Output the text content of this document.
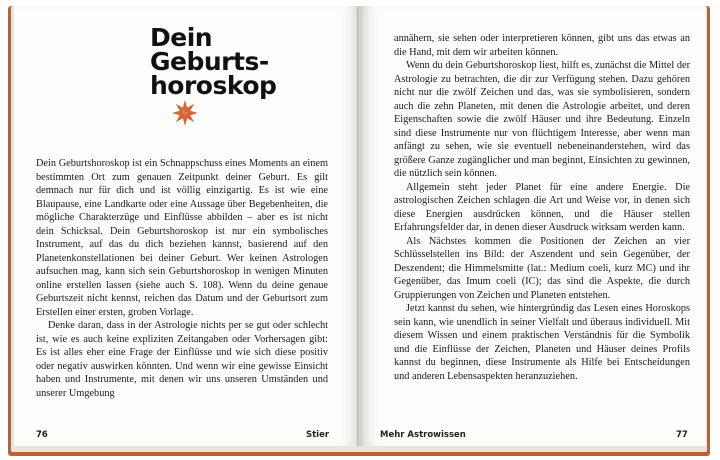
Dein
Geburts-
horoskop

Dein Geburtshoroskop ist ein Schnappschuss eines Moments an einem bestimmten Ort zum genauen Zeitpunkt deiner Geburt. Es gilt demnach nur für dich und ist völlig einzigartig. Es ist wie eine Blaupause, eine Landkarte oder eine Aussage über Begebenheiten, die mögliche Charakterzüge und Einflüsse abbilden – aber es ist nicht dein Schicksal. Dein Geburtshoroskop ist nur ein symbolisches Instrument, auf das du dich beziehen kannst, basierend auf den Planetenkonstellationen bei deiner Geburt. Wer keinen Astrologen aufsuchen mag, kann sich sein Geburtshoroskop in wenigen Minuten online erstellen lassen (siehe auch S. 108). Wenn du deine genaue Geburtszeit nicht kennst, reichen das Datum und der Geburtsort zum Erstellen einer ersten, groben Vorlage.

Denke daran, dass in der Astrologie nichts per se gut oder schlecht ist, wie es auch keine expliziten Zeitangaben oder Vorhersagen gibt: Es ist alles eher eine Frage der Einflüsse und wie sich diese positiv oder negativ auswirken könnten. Und wenn wir eine gewisse Einsicht haben und Instrumente, mit denen wir uns unseren Umständen und unserer Umgebung

76	Stier

annähern, sie sehen oder interpretieren können, gibt uns das etwas an die Hand, mit dem wir arbeiten können.

Wenn du dein Geburtshoroskop liest, hilft es, zunächst die Mittel der Astrologie zu betrachten, die dir zur Verfügung stehen. Dazu gehören nicht nur die zwölf Zeichen und das, was sie symbolisieren, sondern auch die zehn Planeten, mit denen die Astrologie arbeitet, und deren Eigenschaften sowie die zwölf Häuser und ihre Bedeutung. Einzeln sind diese Instrumente nur von flüchtigem Interesse, aber wenn man anfängt zu sehen, wie sie eventuell nebeneinanderstehen, wird das größere Ganze zugänglicher und man beginnt, Einsichten zu gewinnen, die nützlich sein können.

Allgemein steht jeder Planet für eine andere Energie. Die astrologischen Zeichen schlagen die Art und Weise vor, in denen sich diese Energien ausdrücken können, und die Häuser stellen Erfahrungsfelder dar, in denen dieser Ausdruck wirksam werden kann.

Als Nächstes kommen die Positionen der Zeichen an vier Schlüsselstellen ins Bild: der Aszendent und sein Gegenüber, der Deszendent; die Himmelsmitte (lat.: Medium coeli, kurz MC) und ihr Gegenüber, das Imum coeli (IC); das sind die Aspekte, die durch Gruppierungen von Zeichen und Planeten entstehen.

Jetzt kannst du sehen, wie hintergründig das Lesen eines Horoskops sein kann, wie unendlich in seiner Vielfalt und überaus individuell. Mit diesem Wissen und einem praktischen Verständnis für die Symbolik und die Einflüsse der Zeichen, Planeten und Häuser deines Profils kannst du beginnen, diese Instrumente als Hilfe bei Entscheidungen und anderen Lebensaspekten heranzuziehen.

Mehr Astrowissen	77
